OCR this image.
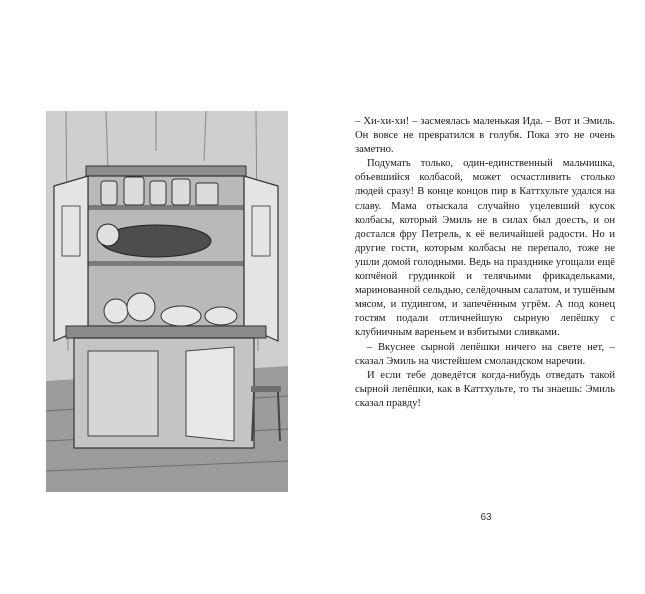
– Хи-хи-хи! – засмеялась маленькая Ида. – Вот и Эмиль. Он вовсе не превратился в голубя. Пока это не очень заметно.

Подумать только, один-единственный мальчишка, объевшийся колбасой, может осчастливить столько людей сразу! В конце концов пир в Каттхульте удался на славу. Мама отыскала случайно уцелевший кусок колбасы, который Эмиль не в силах был доесть, и он достался фру Петрель, к её величайшей радости. Но и другие гости, которым колбасы не перепало, тоже не ушли домой голодными. Ведь на празднике угощали ещё копчёной грудинкой и телячьими фрикадельками, маринованной сельдью, селёдочным салатом, и тушёным мясом, и пудингом, и запечённым угрём. А под конец гостям подали отличнейшую сырную лепёшку с клубничным вареньем и взбитыми сливками.

– Вкуснее сырной лепёшки ничего на свете нет, – сказал Эмиль на чистейшем смоландском наречии.

И если тебе доведётся когда-нибудь отведать такой сырной лепёшки, как в Каттхульте, то ты знаешь: Эмиль сказал правду!

63
